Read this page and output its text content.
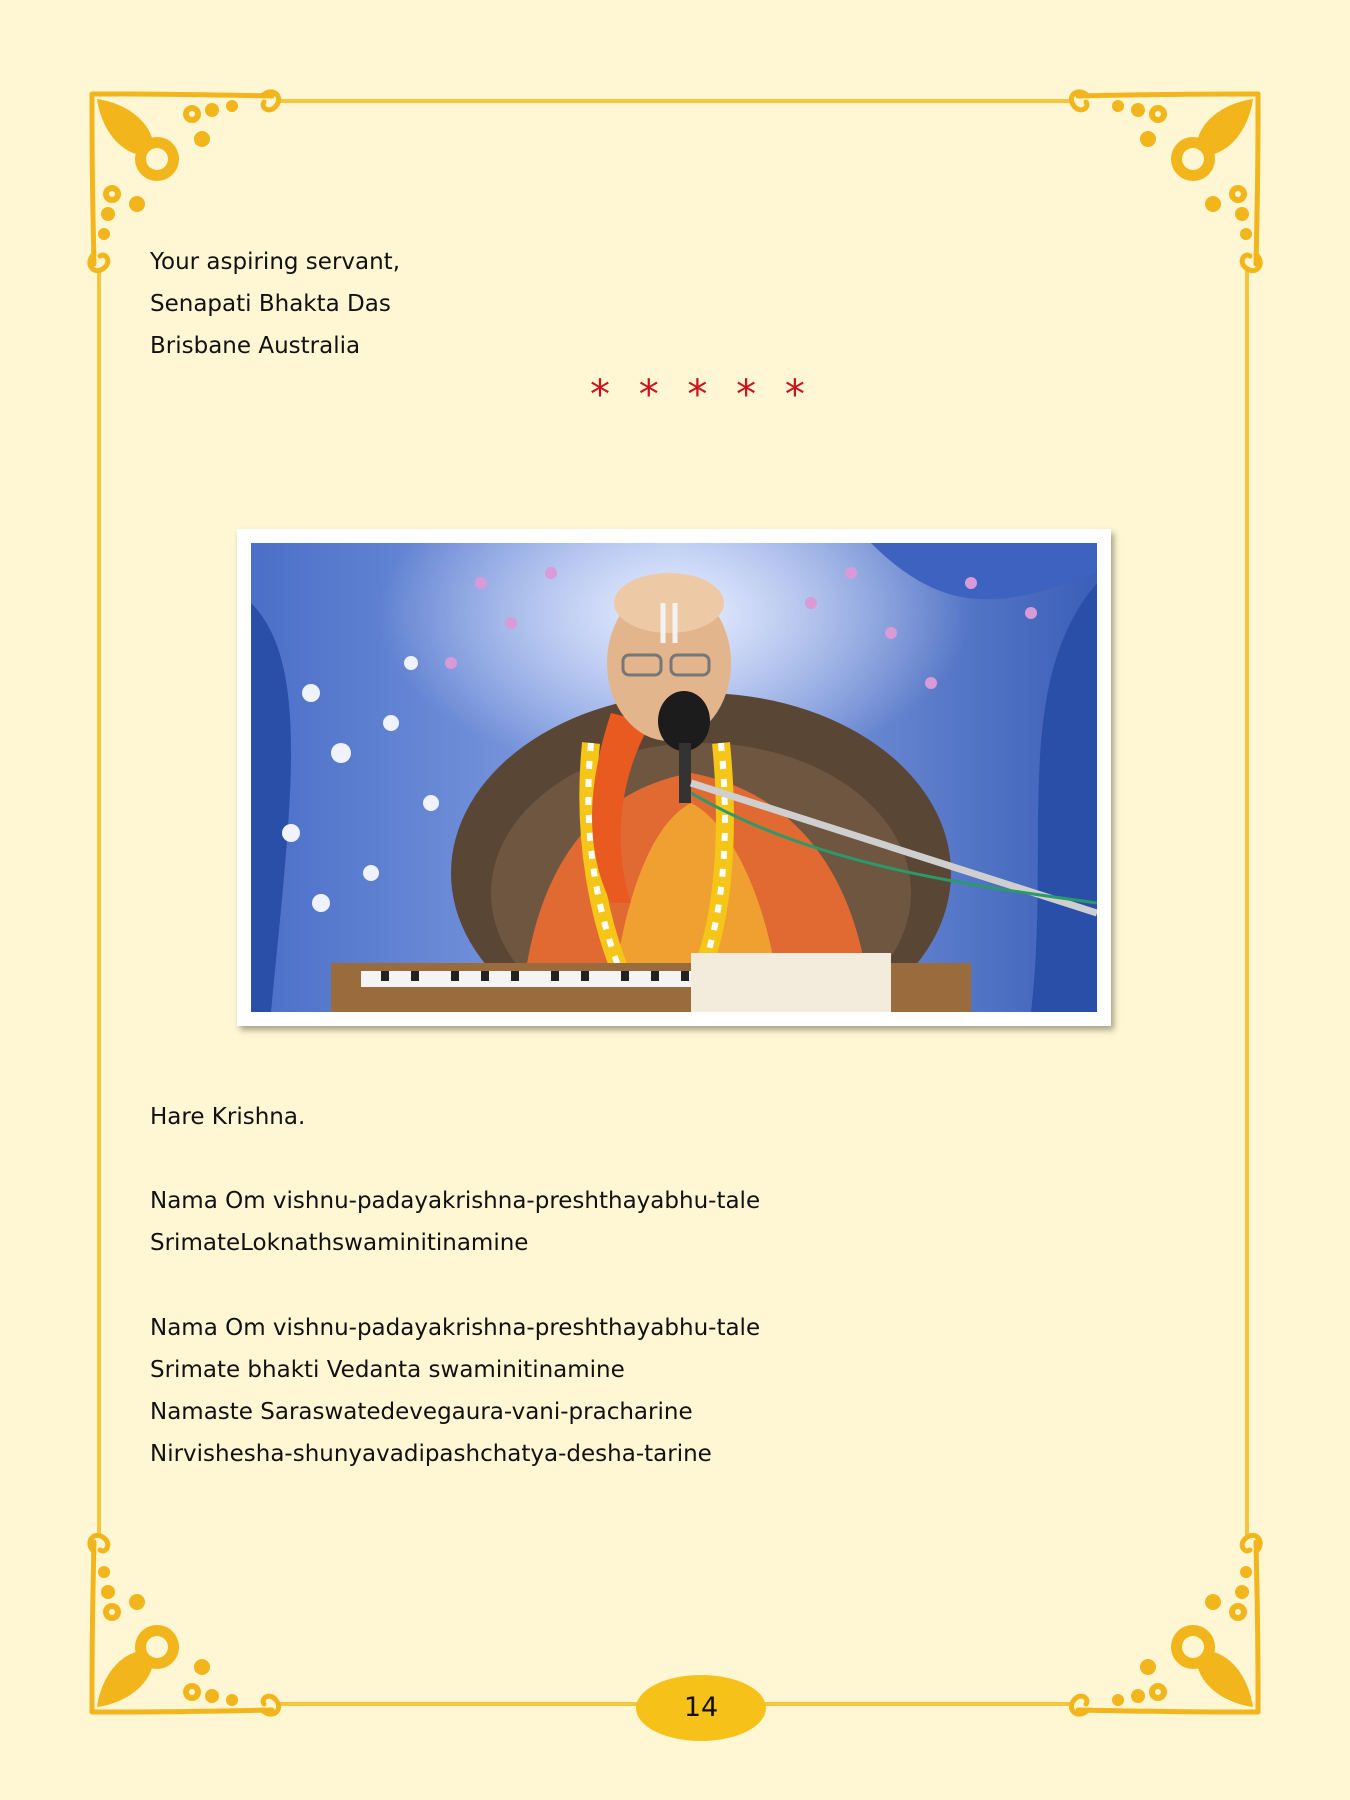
Your aspiring servant,
Senapati Bhakta Das
Brisbane Australia
* * * * *
Hare Krishna.
Nama Om vishnu-padayakrishna-preshthayabhu-tale
SrimateLoknathswaminitinamine
Nama Om vishnu-padayakrishna-preshthayabhu-tale
Srimate bhakti Vedanta swaminitinamine
Namaste Saraswatedevegaura-vani-pracharine
Nirvishesha-shunyavadipashchatya-desha-tarine
14
